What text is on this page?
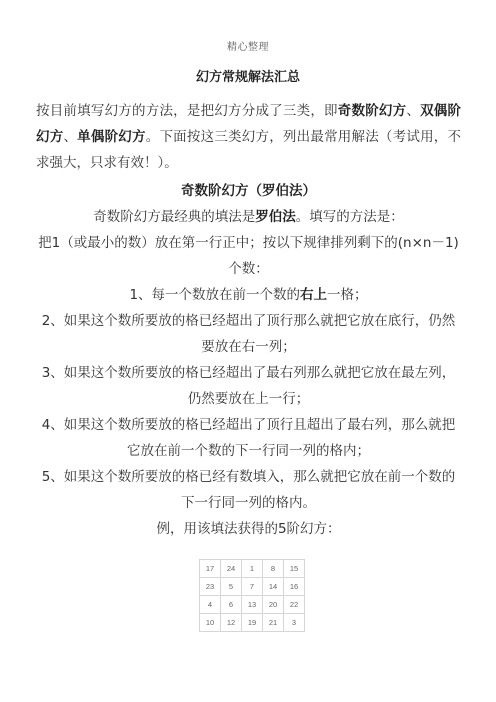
精心整理
幻方常规解法汇总

按目前填写幻方的方法，是把幻方分成了三类，即奇数阶幻方、双偶阶幻方、单偶阶幻方。下面按这三类幻方，列出最常用解法（考试用，不求强大，只求有效！）。

奇数阶幻方（罗伯法）

奇数阶幻方最经典的填法是罗伯法。填写的方法是：

把1（或最小的数）放在第一行正中；按以下规律排列剩下的(n×n－1)个数：

1、每一个数放在前一个数的右上一格；

2、如果这个数所要放的格已经超出了顶行那么就把它放在底行，仍然要放在右一列；

3、如果这个数所要放的格已经超出了最右列那么就把它放在最左列，仍然要放在上一行；

4、如果这个数所要放的格已经超出了顶行且超出了最右列，那么就把它放在前一个数的下一行同一列的格内；

5、如果这个数所要放的格已经有数填入，那么就把它放在前一个数的下一行同一列的格内。

例，用该填法获得的5阶幻方：

17	24	1	8	15
23	5	7	14	16
4	6	13	20	22
10	12	19	21	3
